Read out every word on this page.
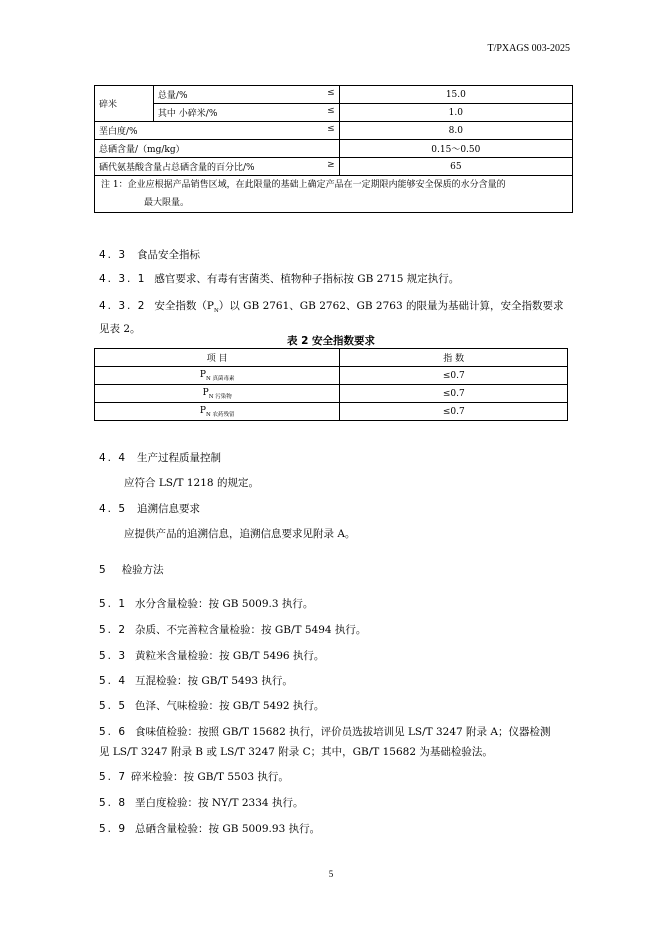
T/PXAGS 003-2025
碎米	总量/% ≤	15.0

	其中 小碎米/% ≤	1.0

垩白度/% ≤		8.0

总硒含量/（mg/kg）		0.15～0.50

硒代氨基酸含量占总硒含量的百分比/% ≥		65

注 1：企业应根据产品销售区域，在此限量的基础上确定产品在一定期限内能够安全保质的水分含量的
最大限量。		
4. 3 食品安全指标
4. 3. 1 感官要求、有毒有害菌类、植物种子指标按 GB 2715 规定执行。
4. 3. 2 安全指数$(P_N)$以 GB 2761、GB 2762、GB 2763 的限量为基础计算，安全指数要求
见表 2。
表 2 安全指数要求
项 目	指 数
$P_{N 真菌毒素}$	≤0.7
$P_{N 污染物}$	≤0.7
$P_{N 农药残留}$	≤0.7
4. 4 生产过程质量控制
应符合 LS/T 1218 的规定。
4. 5 追溯信息要求
应提供产品的追溯信息，追溯信息要求见附录 A。
5 检验方法
5. 1 水分含量检验：按 GB 5009.3 执行。
5. 2 杂质、不完善粒含量检验：按 GB/T 5494 执行。
5. 3 黄粒米含量检验：按 GB/T 5496 执行。
5. 4 互混检验：按 GB/T 5493 执行。
5. 5 色泽、气味检验：按 GB/T 5492 执行。
5. 6 食味值检验：按照 GB/T 15682 执行，评价员选拔培训见 LS/T 3247 附录 A；仪器检测
见 LS/T 3247 附录 B 或 LS/T 3247 附录 C；其中，GB/T 15682 为基础检验法。
5. 7 碎米检验：按 GB/T 5503 执行。
5. 8 垩白度检验：按 NY/T 2334 执行。
5. 9 总硒含量检验：按 GB 5009.93 执行。
5
